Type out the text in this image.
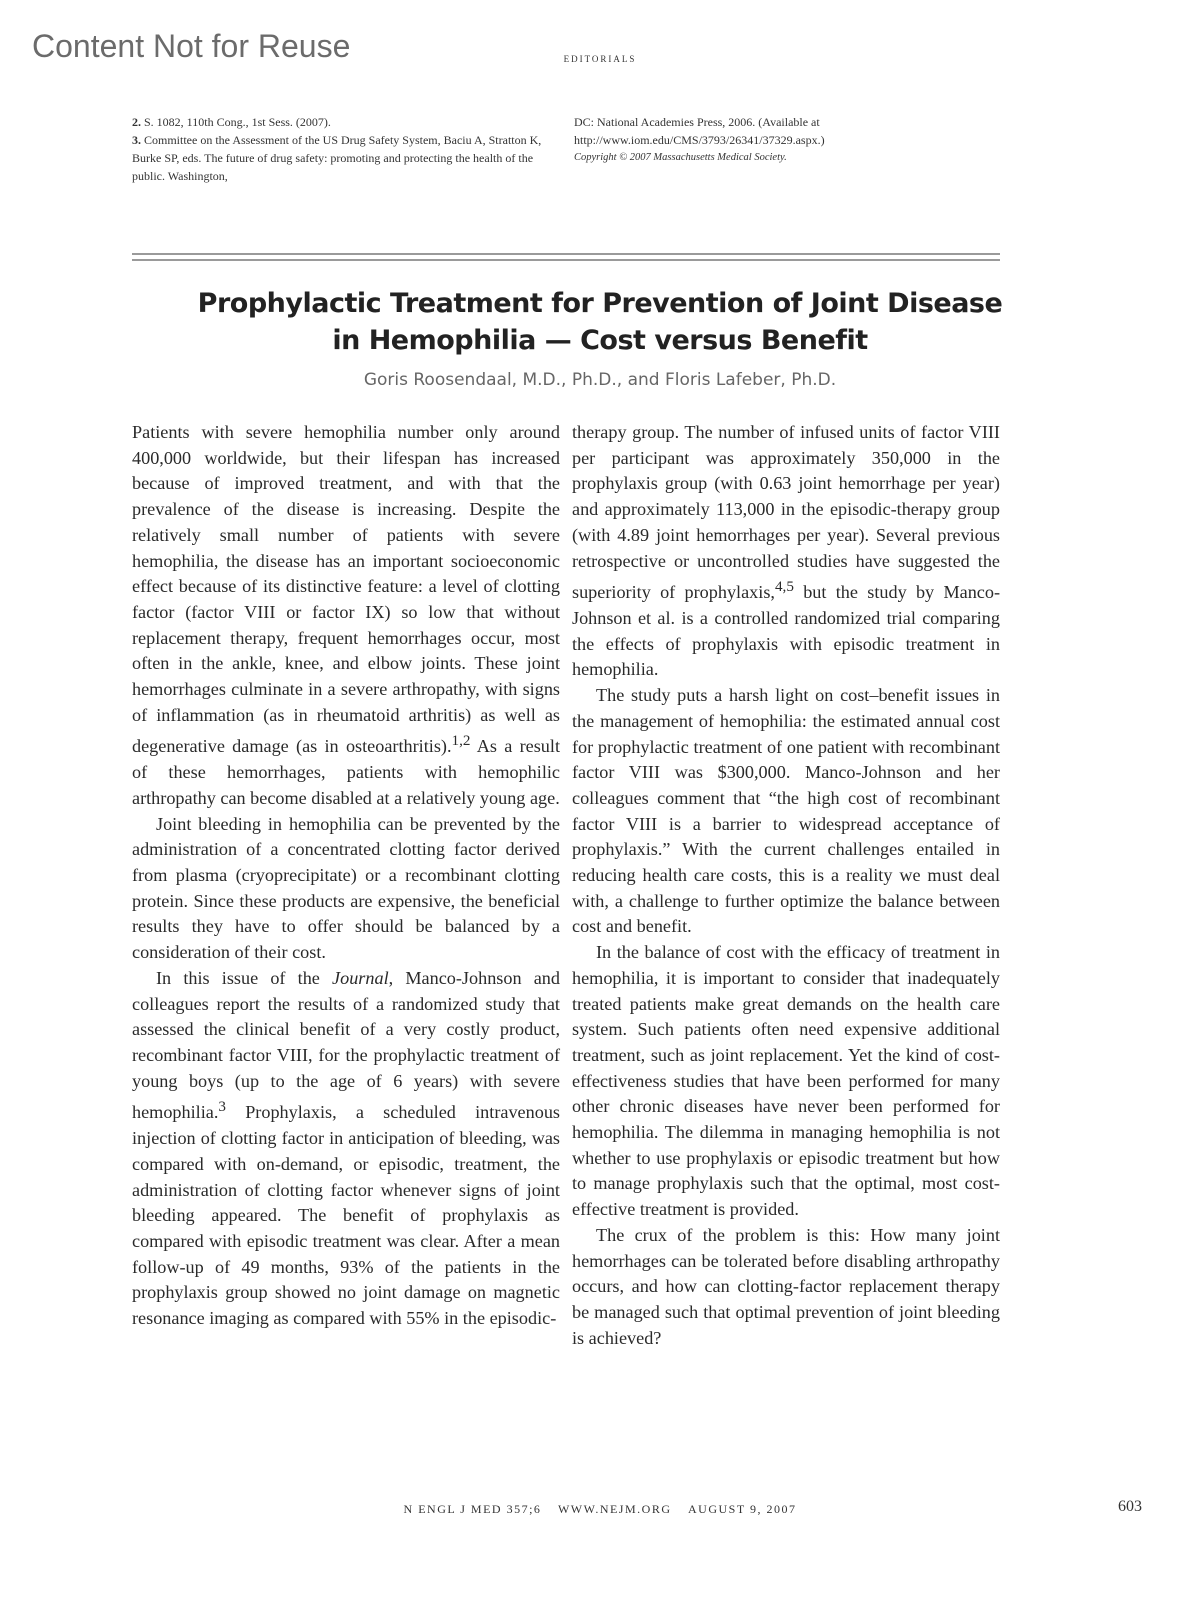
Content Not for Reuse	editorials
2. S. 1082, 110th Cong., 1st Sess. (2007).
3. Committee on the Assessment of the US Drug Safety System, Baciu A, Stratton K, Burke SP, eds. The future of drug safety: promoting and protecting the health of the public. Washington,
DC: National Academies Press, 2006. (Available at http://www.iom.edu/CMS/3793/26341/37329.aspx.)
Copyright © 2007 Massachusetts Medical Society.
Prophylactic Treatment for Prevention of Joint Disease
in Hemophilia — Cost versus Benefit
Goris Roosendaal, M.D., Ph.D., and Floris Lafeber, Ph.D.

Patients with severe hemophilia number only around 400,000 worldwide, but their lifespan has increased because of improved treatment, and with that the prevalence of the disease is increasing. Despite the relatively small number of patients with severe hemophilia, the disease has an important socioeconomic effect because of its distinctive feature: a level of clotting factor (factor VIII or factor IX) so low that without replacement therapy, frequent hemorrhages occur, most often in the ankle, knee, and elbow joints. These joint hemorrhages culminate in a severe arthropathy, with signs of inflammation (as in rheumatoid arthritis) as well as degenerative damage (as in osteoarthritis).$^{1,2}$ As a result of these hemorrhages, patients with hemophilic arthropathy can become disabled at a relatively young age.

Joint bleeding in hemophilia can be prevented by the administration of a concentrated clotting factor derived from plasma (cryoprecipitate) or a recombinant clotting protein. Since these products are expensive, the beneficial results they have to offer should be balanced by a consideration of their cost.

In this issue of the Journal, Manco-Johnson and colleagues report the results of a randomized study that assessed the clinical benefit of a very costly product, recombinant factor VIII, for the prophylactic treatment of young boys (up to the age of 6 years) with severe hemophilia.$^3$ Prophylaxis, a scheduled intravenous injection of clotting factor in anticipation of bleeding, was compared with on-demand, or episodic, treatment, the administration of clotting factor whenever signs of joint bleeding appeared. The benefit of prophylaxis as compared with episodic treatment was clear. After a mean follow-up of 49 months, 93% of the patients in the prophylaxis group showed no joint damage on magnetic resonance imaging as compared with 55% in the episodic-

therapy group. The number of infused units of factor VIII per participant was approximately 350,000 in the prophylaxis group (with 0.63 joint hemorrhage per year) and approximately 113,000 in the episodic-therapy group (with 4.89 joint hemorrhages per year). Several previous retrospective or uncontrolled studies have suggested the superiority of prophylaxis,$^{4,5}$ but the study by Manco-Johnson et al. is a controlled randomized trial comparing the effects of prophylaxis with episodic treatment in hemophilia.

The study puts a harsh light on cost–benefit issues in the management of hemophilia: the estimated annual cost for prophylactic treatment of one patient with recombinant factor VIII was $300,000. Manco-Johnson and her colleagues comment that “the high cost of recombinant factor VIII is a barrier to widespread acceptance of prophylaxis.” With the current challenges entailed in reducing health care costs, this is a reality we must deal with, a challenge to further optimize the balance between cost and benefit.

In the balance of cost with the efficacy of treatment in hemophilia, it is important to consider that inadequately treated patients make great demands on the health care system. Such patients often need expensive additional treatment, such as joint replacement. Yet the kind of cost-effectiveness studies that have been performed for many other chronic diseases have never been performed for hemophilia. The dilemma in managing hemophilia is not whether to use prophylaxis or episodic treatment but how to manage prophylaxis such that the optimal, most cost-effective treatment is provided.

The crux of the problem is this: How many joint hemorrhages can be tolerated before disabling arthropathy occurs, and how can clotting-factor replacement therapy be managed such that optimal prevention of joint bleeding is achieved?

N ENGL J MED 357;6 WWW.NEJM.ORG AUGUST 9, 2007	603
